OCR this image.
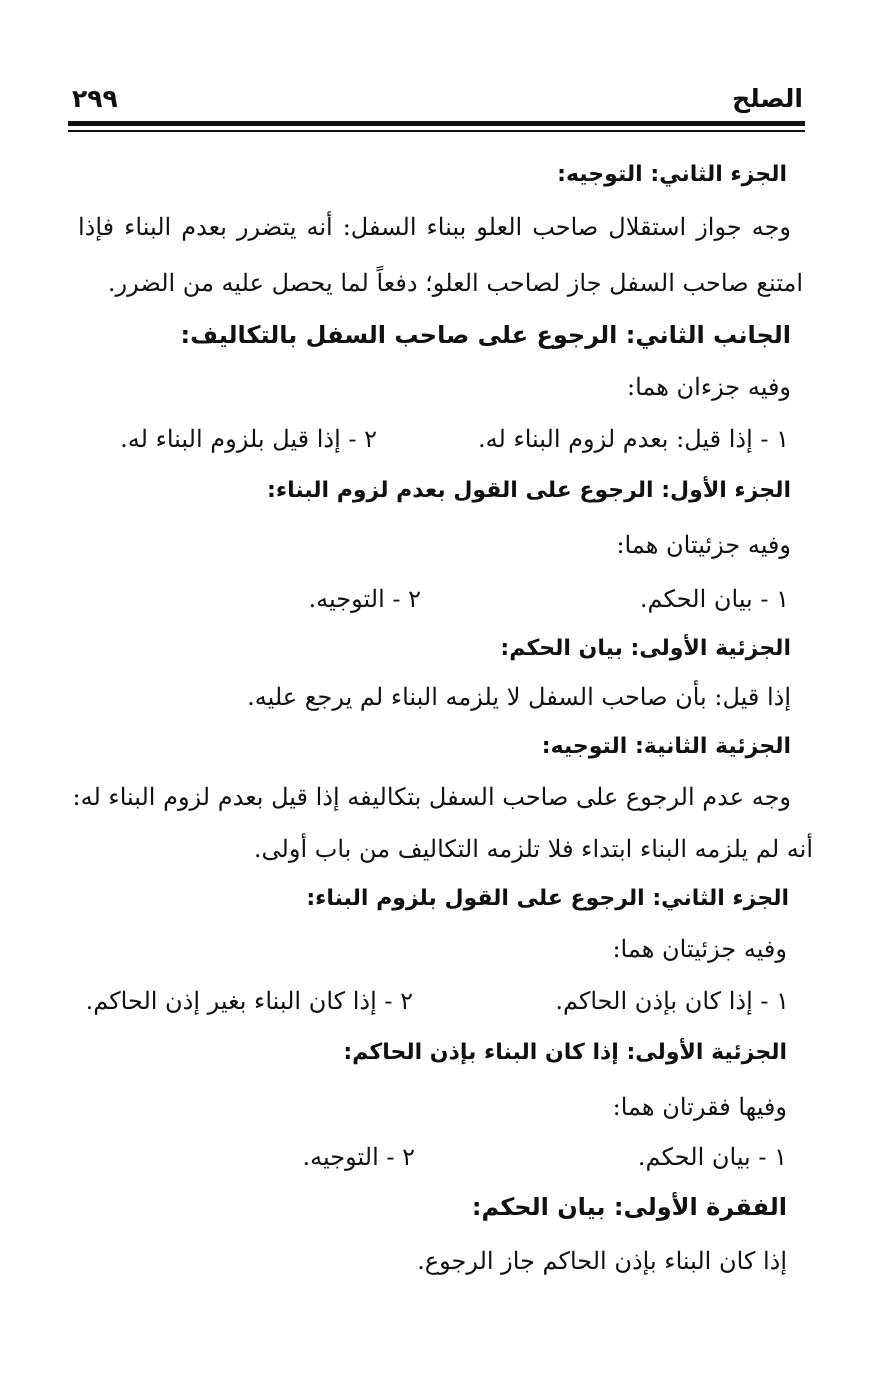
الصلح
٢٩٩
الجزء الثاني: التوجيه:
وجه جواز استقلال صاحب العلو ببناء السفل: أنه يتضرر بعدم البناء فإذا
امتنع صاحب السفل جاز لصاحب العلو؛ دفعاً لما يحصل عليه من الضرر.
الجانب الثاني: الرجوع على صاحب السفل بالتكاليف:
وفيه جزءان هما:
١ - إذا قيل: بعدم لزوم البناء له.
٢ - إذا قيل بلزوم البناء له.
الجزء الأول: الرجوع على القول بعدم لزوم البناء:
وفيه جزئيتان هما:
١ - بيان الحكم.
٢ - التوجيه.
الجزئية الأولى: بيان الحكم:
إذا قيل: بأن صاحب السفل لا يلزمه البناء لم يرجع عليه.
الجزئية الثانية: التوجيه:
وجه عدم الرجوع على صاحب السفل بتكاليفه إذا قيل بعدم لزوم البناء له:
أنه لم يلزمه البناء ابتداء فلا تلزمه التكاليف من باب أولى.
الجزء الثاني: الرجوع على القول بلزوم البناء:
وفيه جزئيتان هما:
١ - إذا كان بإذن الحاكم.
٢ - إذا كان البناء بغير إذن الحاكم.
الجزئية الأولى: إذا كان البناء بإذن الحاكم:
وفيها فقرتان هما:
١ - بيان الحكم.
٢ - التوجيه.
الفقرة الأولى: بيان الحكم:
إذا كان البناء بإذن الحاكم جاز الرجوع.
